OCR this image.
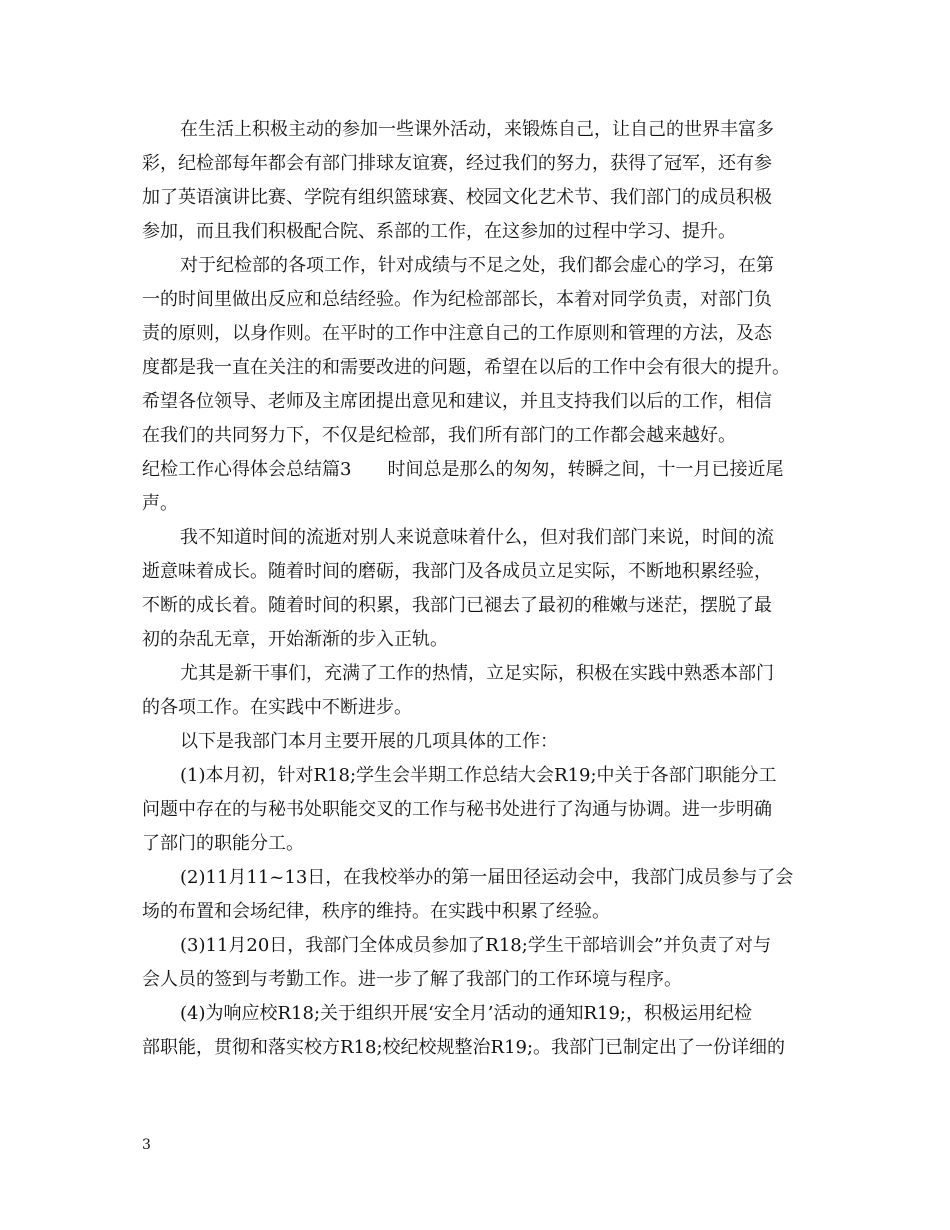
在生活上积极主动的参加一些课外活动，来锻炼自己，让自己的世界丰富多
彩，纪检部每年都会有部门排球友谊赛，经过我们的努力，获得了冠军，还有参
加了英语演讲比赛、学院有组织篮球赛、校园文化艺术节、我们部门的成员积极
参加，而且我们积极配合院、系部的工作，在这参加的过程中学习、提升。
对于纪检部的各项工作，针对成绩与不足之处，我们都会虚心的学习，在第
一的时间里做出反应和总结经验。作为纪检部部长，本着对同学负责，对部门负
责的原则，以身作则。在平时的工作中注意自己的工作原则和管理的方法，及态
度都是我一直在关注的和需要改进的问题，希望在以后的工作中会有很大的提升。
希望各位领导、老师及主席团提出意见和建议，并且支持我们以后的工作，相信
在我们的共同努力下，不仅是纪检部，我们所有部门的工作都会越来越好。
纪检工作心得体会总结篇3　　时间总是那么的匆匆，转瞬之间，十一月已接近尾
声。
我不知道时间的流逝对别人来说意味着什么，但对我们部门来说，时间的流
逝意味着成长。随着时间的磨砺，我部门及各成员立足实际，不断地积累经验，
不断的成长着。随着时间的积累，我部门已褪去了最初的稚嫩与迷茫，摆脱了最
初的杂乱无章，开始渐渐的步入正轨。
尤其是新干事们，充满了工作的热情，立足实际，积极在实践中熟悉本部门
的各项工作。在实践中不断进步。
以下是我部门本月主要开展的几项具体的工作：
(1)本月初，针对R18;学生会半期工作总结大会R19;中关于各部门职能分工
问题中存在的与秘书处职能交叉的工作与秘书处进行了沟通与协调。进一步明确
了部门的职能分工。
(2)11月11~13日，在我校举办的第一届田径运动会中，我部门成员参与了会
场的布置和会场纪律，秩序的维持。在实践中积累了经验。
(3)11月20日，我部门全体成员参加了R18;学生干部培训会”并负责了对与
会人员的签到与考勤工作。进一步了解了我部门的工作环境与程序。
(4)为响应校R18;关于组织开展‘安全月’活动的通知R19;，积极运用纪检
部职能，贯彻和落实校方R18;校纪校规整治R19;。我部门已制定出了一份详细的
3
